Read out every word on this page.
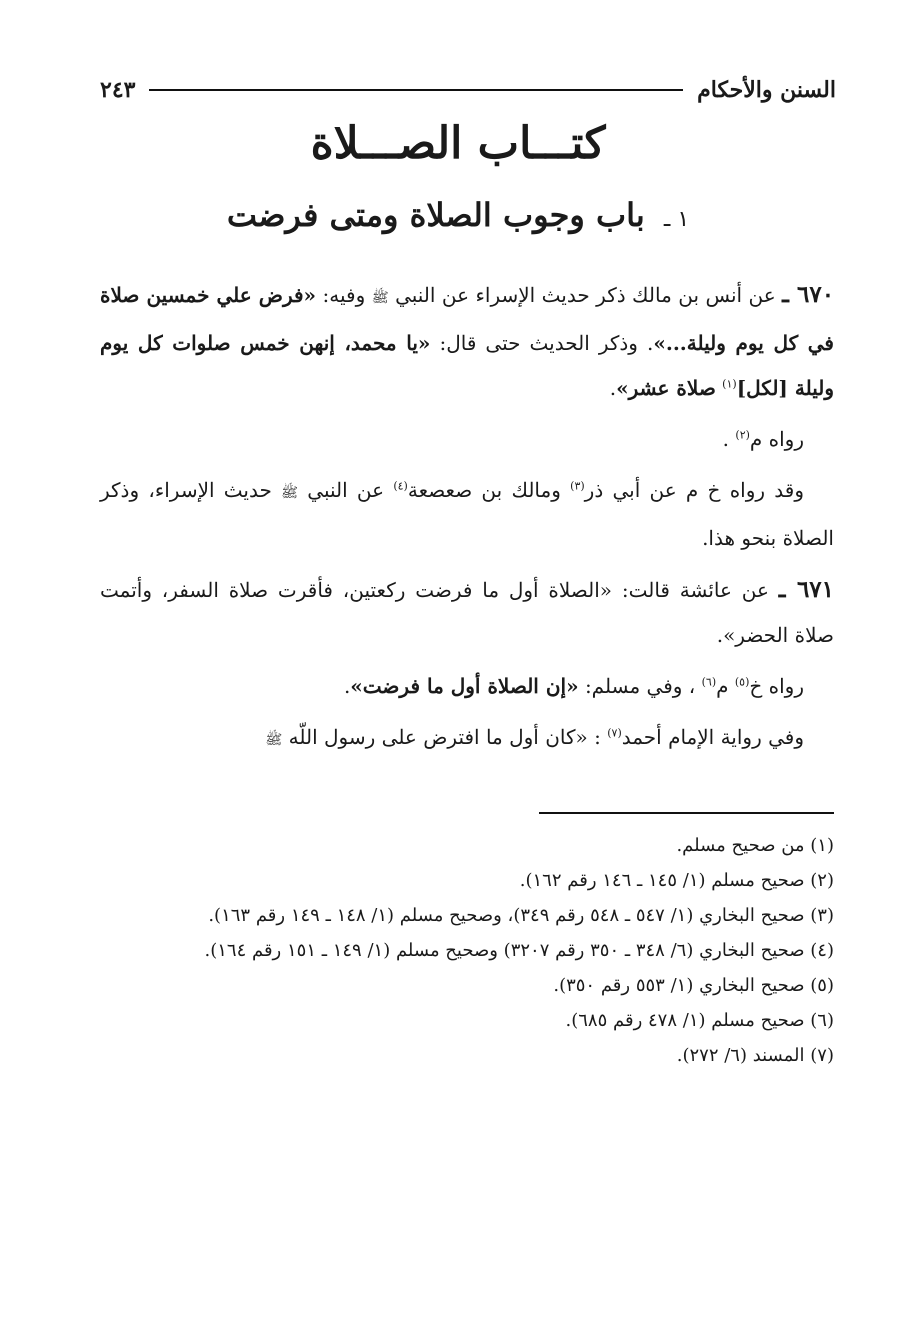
السنن والأحكام
٢٤٣
كتـــاب الصـــلاة
١ ـ باب وجوب الصلاة ومتى فرضت

٦٧٠ ـ عن أنس بن مالك ذكر حديث الإسراء عن النبي ﷺ وفيه: «فرض علي خمسين صلاة في كل يوم وليلة...». وذكر الحديث حتى قال: «يا محمد، إنهن خمس صلوات كل يوم وليلة [لكل]$^{(١)}$ صلاة عشر».

رواه م$^{(٢)}$ .

وقد رواه خ م عن أبي ذر$^{(٣)}$ ومالك بن صعصعة$^{(٤)}$ عن النبي ﷺ حديث الإسراء، وذكر الصلاة بنحو هذا.

٦٧١ ـ عن عائشة قالت: «الصلاة أول ما فرضت ركعتين، فأقرت صلاة السفر، وأتمت صلاة الحضر».

رواه خ$^{(٥)}$ م$^{(٦)}$ ، وفي مسلم: «إن الصلاة أول ما فرضت».

وفي رواية الإمام أحمد$^{(٧)}$ : «كان أول ما افترض على رسول اللّه ﷺ

(١) من صحيح مسلم.
(٢) صحيح مسلم (١/ ١٤٥ ـ ١٤٦ رقم ١٦٢).
(٣) صحيح البخاري (١/ ٥٤٧ ـ ٥٤٨ رقم ٣٤٩)، وصحيح مسلم (١/ ١٤٨ ـ ١٤٩ رقم ١٦٣).
(٤) صحيح البخاري (٦/ ٣٤٨ ـ ٣٥٠ رقم ٣٢٠٧) وصحيح مسلم (١/ ١٤٩ ـ ١٥١ رقم ١٦٤).
(٥) صحيح البخاري (١/ ٥٥٣ رقم ٣٥٠).
(٦) صحيح مسلم (١/ ٤٧٨ رقم ٦٨٥).
(٧) المسند (٦/ ٢٧٢).
